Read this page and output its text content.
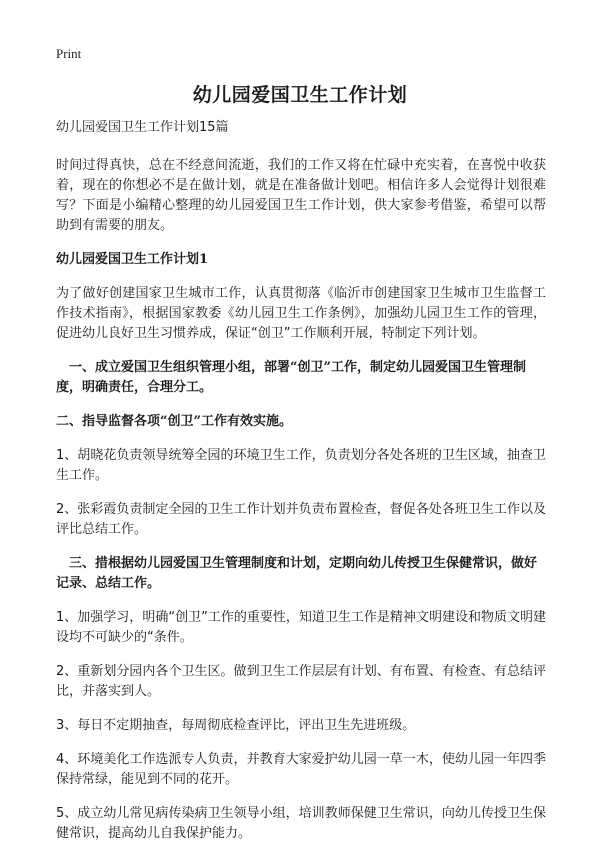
Print
幼儿园爱国卫生工作计划

幼儿园爱国卫生工作计划15篇

时间过得真快，总在不经意间流逝，我们的工作又将在忙碌中充实着，在喜悦中收获着，现在的你想必不是在做计划，就是在准备做计划吧。相信许多人会觉得计划很难写？下面是小编精心整理的幼儿园爱国卫生工作计划，供大家参考借鉴，希望可以帮助到有需要的朋友。

幼儿园爱国卫生工作计划1

为了做好创建国家卫生城市工作，认真贯彻落《临沂市创建国家卫生城市卫生监督工作技术指南》，根据国家教委《幼儿园卫生工作条例》，加强幼儿园卫生工作的管理，促进幼儿良好卫生习惯养成，保证“创卫”工作顺利开展，特制定下列计划。

一、成立爱国卫生组织管理小组，部署“创卫”工作，制定幼儿园爱国卫生管理制度，明确责任，合理分工。

二、指导监督各项“创卫”工作有效实施。

1、胡晓花负责领导统筹全园的环境卫生工作，负责划分各处各班的卫生区域，抽查卫生工作。

2、张彩霞负责制定全园的卫生工作计划并负责布置检查，督促各处各班卫生工作以及评比总结工作。

三、措根据幼儿园爱国卫生管理制度和计划，定期向幼儿传授卫生保健常识，做好记录、总结工作。

1、加强学习，明确“创卫”工作的重要性，知道卫生工作是精神文明建设和物质文明建设均不可缺少的“条件。

2、重新划分园内各个卫生区。做到卫生工作层层有计划、有布置、有检查、有总结评比，并落实到人。

3、每日不定期抽查，每周彻底检查评比，评出卫生先进班级。

4、环境美化工作选派专人负责，并教育大家爱护幼儿园一草一木，使幼儿园一年四季保持常绿，能见到不同的花开。

5、成立幼儿常见病传染病卫生领导小组，培训教师保健卫生常识，向幼儿传授卫生保健常识，提高幼儿自我保护能力。
